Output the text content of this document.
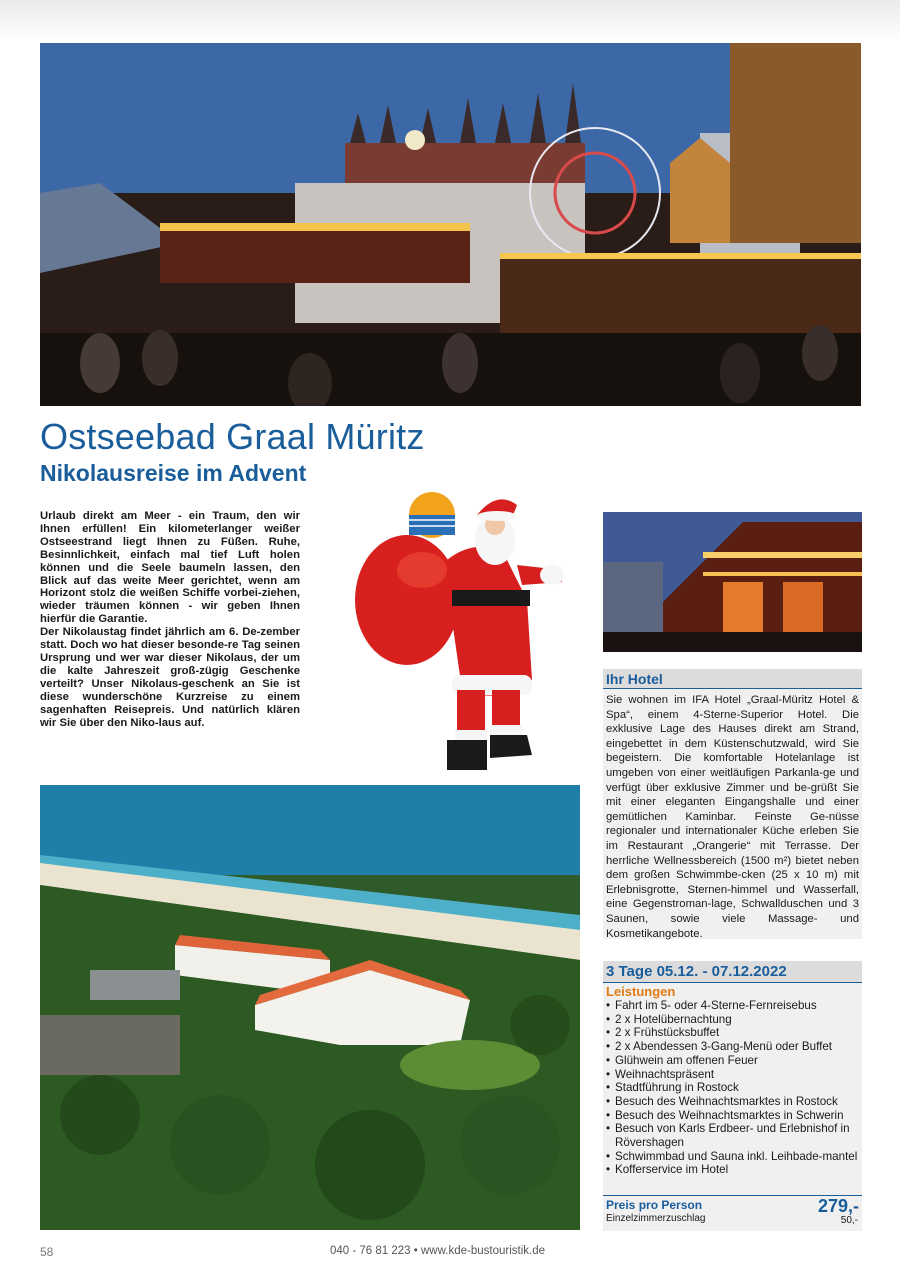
Ostseebad Graal Müritz
Nikolausreise im Advent

Urlaub direkt am Meer - ein Traum, den wir Ihnen erfüllen! Ein kilometerlanger weißer Ostseestrand liegt Ihnen zu Füßen. Ruhe, Besinnlichkeit, einfach mal tief Luft holen können und die Seele baumeln lassen, den Blick auf das weite Meer gerichtet, wenn am Horizont stolz die weißen Schiffe vorbei-ziehen, wieder träumen können - wir geben Ihnen hierfür die Garantie.

Der Nikolaustag findet jährlich am 6. De-zember statt. Doch wo hat dieser besonde-re Tag seinen Ursprung und wer war dieser Nikolaus, der um die kalte Jahreszeit groß-zügig Geschenke verteilt? Unser Nikolaus-geschenk an Sie ist diese wunderschöne Kurzreise zu einem sagenhaften Reisepreis. Und natürlich klären wir Sie über den Niko-laus auf.

Ihr Hotel
Sie wohnen im IFA Hotel „Graal-Müritz Hotel & Spa“, einem 4-Sterne-Superior Hotel. Die exklusive Lage des Hauses direkt am Strand, eingebettet in dem Küstenschutzwald, wird Sie begeistern. Die komfortable Hotelanlage ist umgeben von einer weitläufigen Parkanla-ge und verfügt über exklusive Zimmer und be-grüßt Sie mit einer eleganten Eingangshalle und einer gemütlichen Kaminbar. Feinste Ge-nüsse regionaler und internationaler Küche erleben Sie im Restaurant „Orangerie“ mit Terrasse. Der herrliche Wellnessbereich (1500 m²) bietet neben dem großen Schwimmbe-cken (25 x 10 m) mit Erlebnisgrotte, Sternen-himmel und Wasserfall, eine Gegenstroman-lage, Schwallduschen und 3 Saunen, sowie viele Massage- und Kosmetikangebote.
3 Tage 05.12. - 07.12.2022
Leistungen
• Fahrt im 5- oder 4-Sterne-Fernreisebus
• 2 x Hotelübernachtung
• 2 x Frühstücksbuffet
• 2 x Abendessen 3-Gang-Menü oder Buffet
• Glühwein am offenen Feuer
• Weihnachtspräsent
• Stadtführung in Rostock
• Besuch des Weihnachtsmarktes in Rostock
• Besuch des Weihnachtsmarktes in Schwerin
• Besuch von Karls Erdbeer- und Erlebnishof in Rövershagen
• Schwimmbad und Sauna inkl. Leihbade-mantel
• Kofferservice im Hotel
Preis pro Person	279,-
Einzelzimmerzuschlag	50,-
58	040 - 76 81 223 • www.kde-bustouristik.de
